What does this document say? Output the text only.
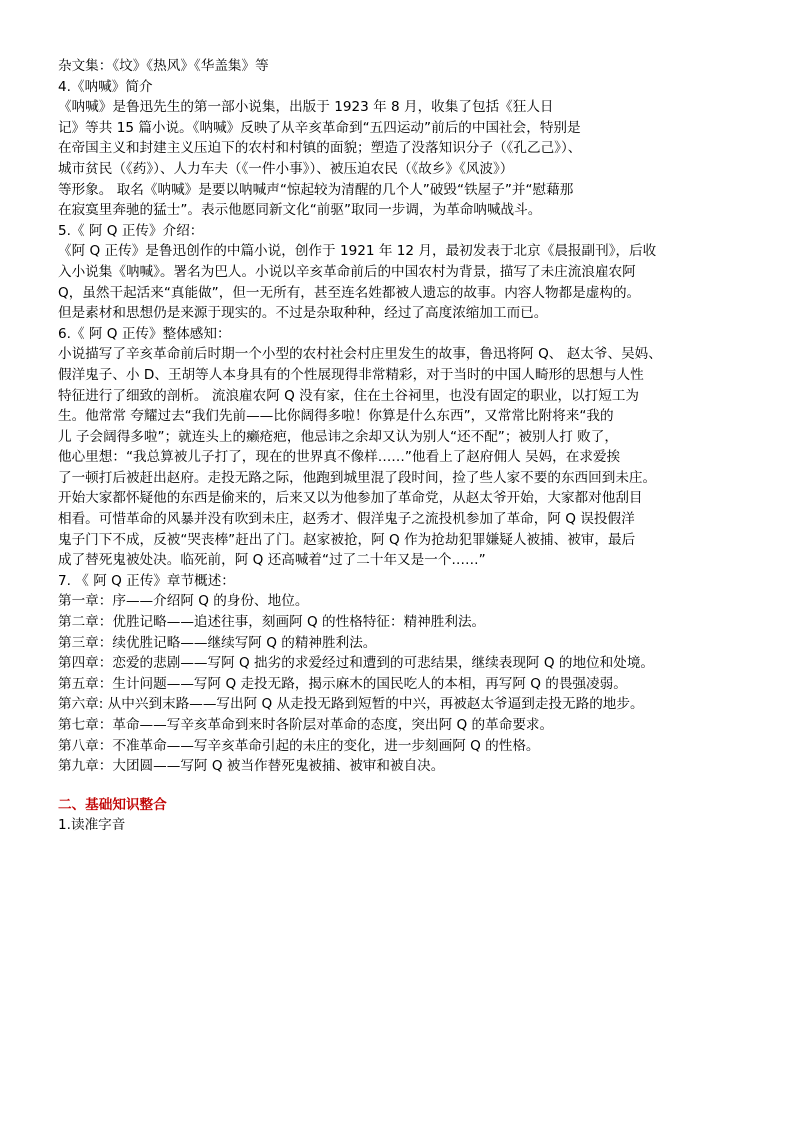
杂文集：《坟》《热风》《华盖集》等
4.《呐喊》简介
《呐喊》是鲁迅先生的第一部小说集，出版于 1923 年 8 月，收集了包括《狂人日
记》等共 15 篇小说。《呐喊》反映了从辛亥革命到“五四运动”前后的中国社会，特别是
在帝国主义和封建主义压迫下的农村和村镇的面貌；塑造了没落知识分子（《孔乙己》）、
城市贫民（《药》）、人力车夫（《一件小事》）、被压迫农民（《故乡》《风波》）
等形象。 取名《呐喊》是要以呐喊声“惊起较为清醒的几个人”破毁“铁屋子”并“慰藉那
在寂寞里奔驰的猛士”。表示他愿同新文化“前驱”取同一步调，为革命呐喊战斗。
5.《 阿 Q 正传》介绍：
《阿 Q 正传》是鲁迅创作的中篇小说，创作于 1921 年 12 月，最初发表于北京《晨报副刊》，后收
入小说集《呐喊》。署名为巴人。小说以辛亥革命前后的中国农村为背景，描写了未庄流浪雇农阿
Q，虽然干起活来“真能做”，但一无所有，甚至连名姓都被人遗忘的故事。内容人物都是虚构的。
但是素材和思想仍是来源于现实的。不过是杂取种种，经过了高度浓缩加工而已。
6.《 阿 Q 正传》整体感知：
小说描写了辛亥革命前后时期一个小型的农村社会村庄里发生的故事，鲁迅将阿 Q、 赵太爷、吴妈、
假洋鬼子、小 D、王胡等人本身具有的个性展现得非常精彩，对于当时的中国人畸形的思想与人性
特征进行了细致的剖析。 流浪雇农阿 Q 没有家，住在土谷祠里，也没有固定的职业，以打短工为
生。他常常 夸耀过去“我们先前——比你阔得多啦！你算是什么东西”，又常常比附将来“我的
儿 子会阔得多啦”；就连头上的癞疮疤，他忌讳之余却又认为别人“还不配”；被别人打 败了，
他心里想：“我总算被儿子打了，现在的世界真不像样……”他看上了赵府佣人 吴妈，在求爱挨
了一顿打后被赶出赵府。走投无路之际，他跑到城里混了段时间，捡了些人家不要的东西回到未庄。
开始大家都怀疑他的东西是偷来的，后来又以为他参加了革命党，从赵太爷开始，大家都对他刮目
相看。可惜革命的风暴并没有吹到未庄，赵秀才、假洋鬼子之流投机参加了革命，阿 Q 误投假洋
鬼子门下不成，反被“哭丧棒”赶出了门。赵家被抢，阿 Q 作为抢劫犯罪嫌疑人被捕、被审，最后
成了替死鬼被处决。临死前，阿 Q 还高喊着“过了二十年又是一个……”
7. 《 阿 Q 正传》章节概述：
第一章：序——介绍阿 Q 的身份、地位。
第二章：优胜记略——追述往事，刻画阿 Q 的性格特征：精神胜利法。
第三章：续优胜记略——继续写阿 Q 的精神胜利法。
第四章：恋爱的悲剧——写阿 Q 拙劣的求爱经过和遭到的可悲结果，继续表现阿 Q 的地位和处境。
第五章：生计问题——写阿 Q 走投无路，揭示麻木的国民吃人的本相，再写阿 Q 的畏强凌弱。
第六章: 从中兴到末路——写出阿 Q 从走投无路到短暂的中兴，再被赵太爷逼到走投无路的地步。
第七章：革命——写辛亥革命到来时各阶层对革命的态度，突出阿 Q 的革命要求。
第八章：不准革命——写辛亥革命引起的未庄的变化，进一步刻画阿 Q 的性格。
第九章：大团圆——写阿 Q 被当作替死鬼被捕、被审和被自决。
二、基础知识整合
1.读准字音
